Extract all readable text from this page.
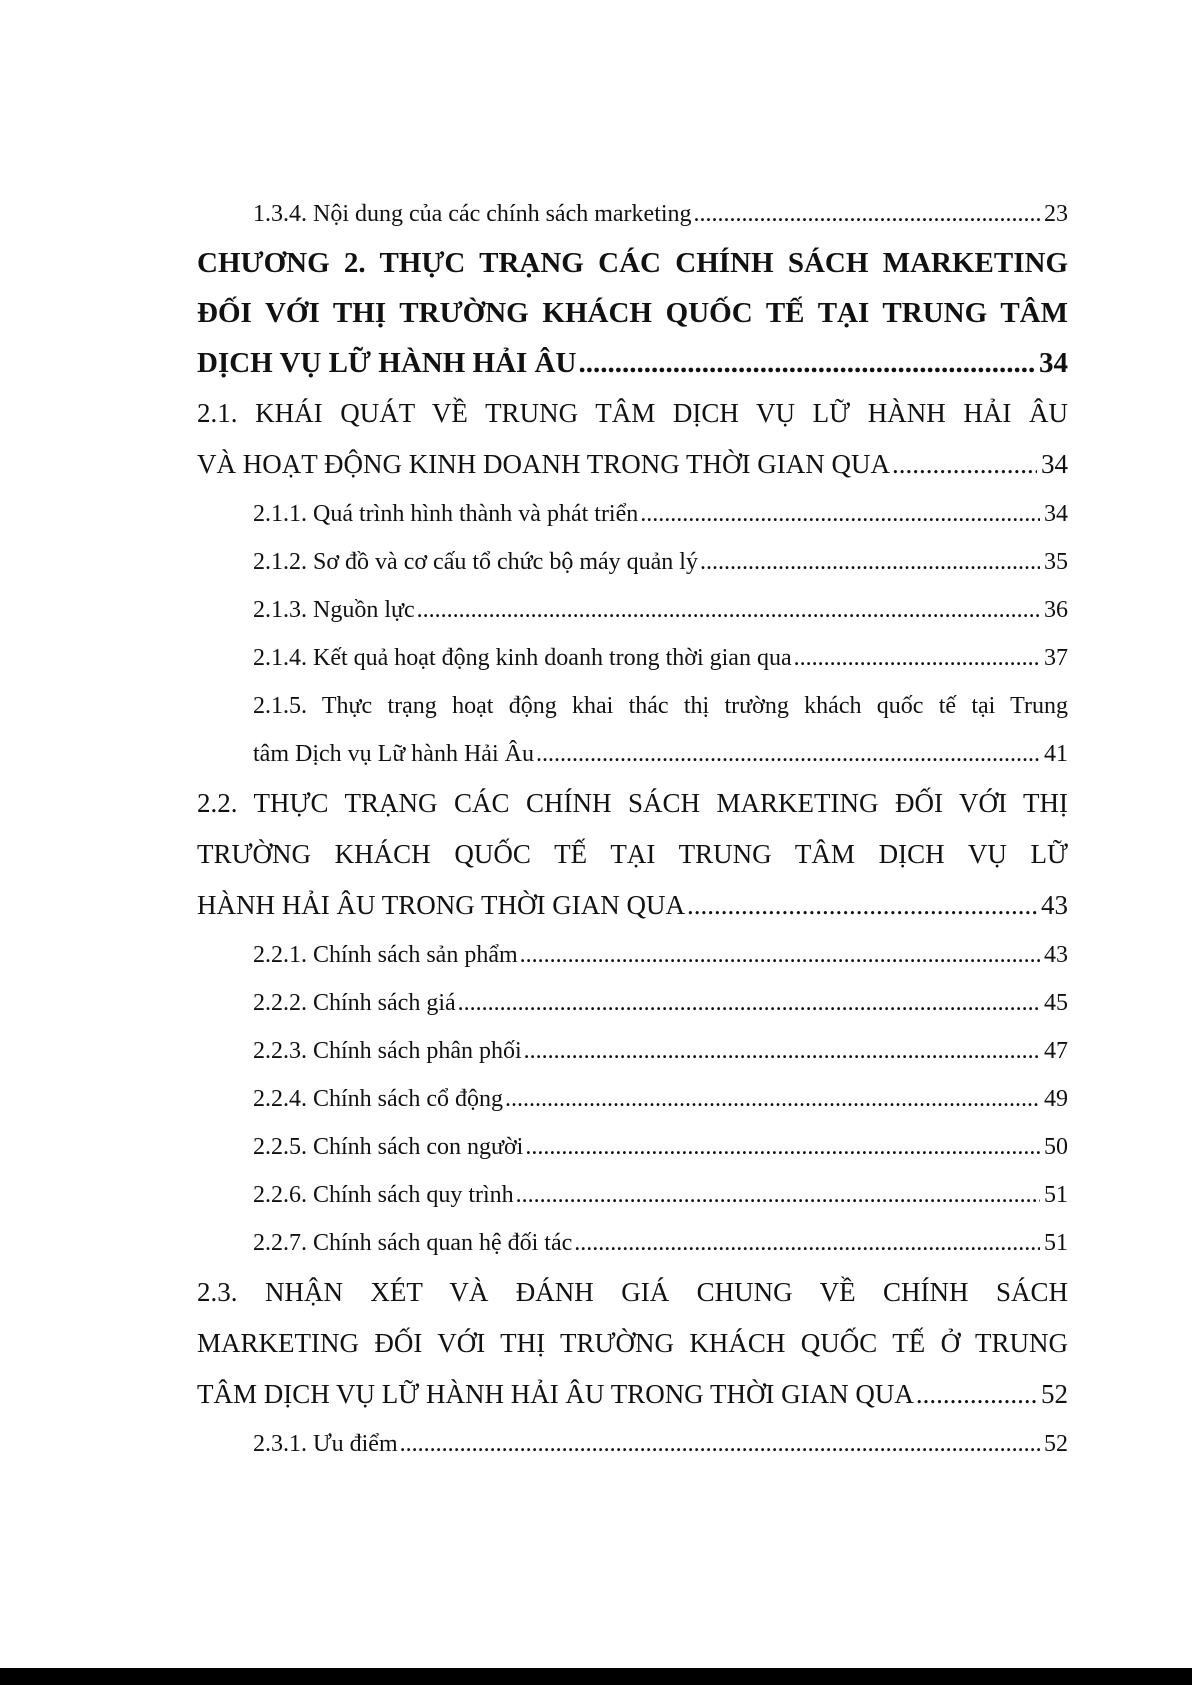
1.3.4. Nội dung của các chính sách marketing .....	23
CHƯƠNG 2. THỰC TRẠNG CÁC CHÍNH SÁCH MARKETING
ĐỐI VỚI THỊ TRƯỜNG KHÁCH QUỐC TẾ TẠI TRUNG TÂM
DỊCH VỤ LỮ HÀNH HẢI ÂU .....	34
2.1. KHÁI QUÁT VỀ TRUNG TÂM DỊCH VỤ LỮ HÀNH HẢI ÂU
VÀ HOẠT ĐỘNG KINH DOANH TRONG THỜI GIAN QUA .....	34
2.1.1. Quá trình hình thành và phát triển .....	34
2.1.2. Sơ đồ và cơ cấu tổ chức bộ máy quản lý .....	35
2.1.3. Nguồn lực .....	36
2.1.4. Kết quả hoạt động kinh doanh trong thời gian qua .....	37
2.1.5. Thực trạng hoạt động khai thác thị trường khách quốc tế tại Trung
tâm Dịch vụ Lữ hành Hải Âu .....	41
2.2. THỰC TRẠNG CÁC CHÍNH SÁCH MARKETING ĐỐI VỚI THỊ
TRƯỜNG KHÁCH QUỐC TẾ TẠI TRUNG TÂM DỊCH VỤ LỮ
HÀNH HẢI ÂU TRONG THỜI GIAN QUA .....	43
2.2.1. Chính sách sản phẩm .....	43
2.2.2. Chính sách giá .....	45
2.2.3. Chính sách phân phối .....	47
2.2.4. Chính sách cổ động .....	49
2.2.5. Chính sách con người .....	50
2.2.6. Chính sách quy trình .....	51
2.2.7. Chính sách quan hệ đối tác .....	51
2.3. NHẬN XÉT VÀ ĐÁNH GIÁ CHUNG VỀ CHÍNH SÁCH
MARKETING ĐỐI VỚI THỊ TRƯỜNG KHÁCH QUỐC TẾ Ở TRUNG
TÂM DỊCH VỤ LỮ HÀNH HẢI ÂU TRONG THỜI GIAN QUA .....	52
2.3.1. Ưu điểm .....	52
